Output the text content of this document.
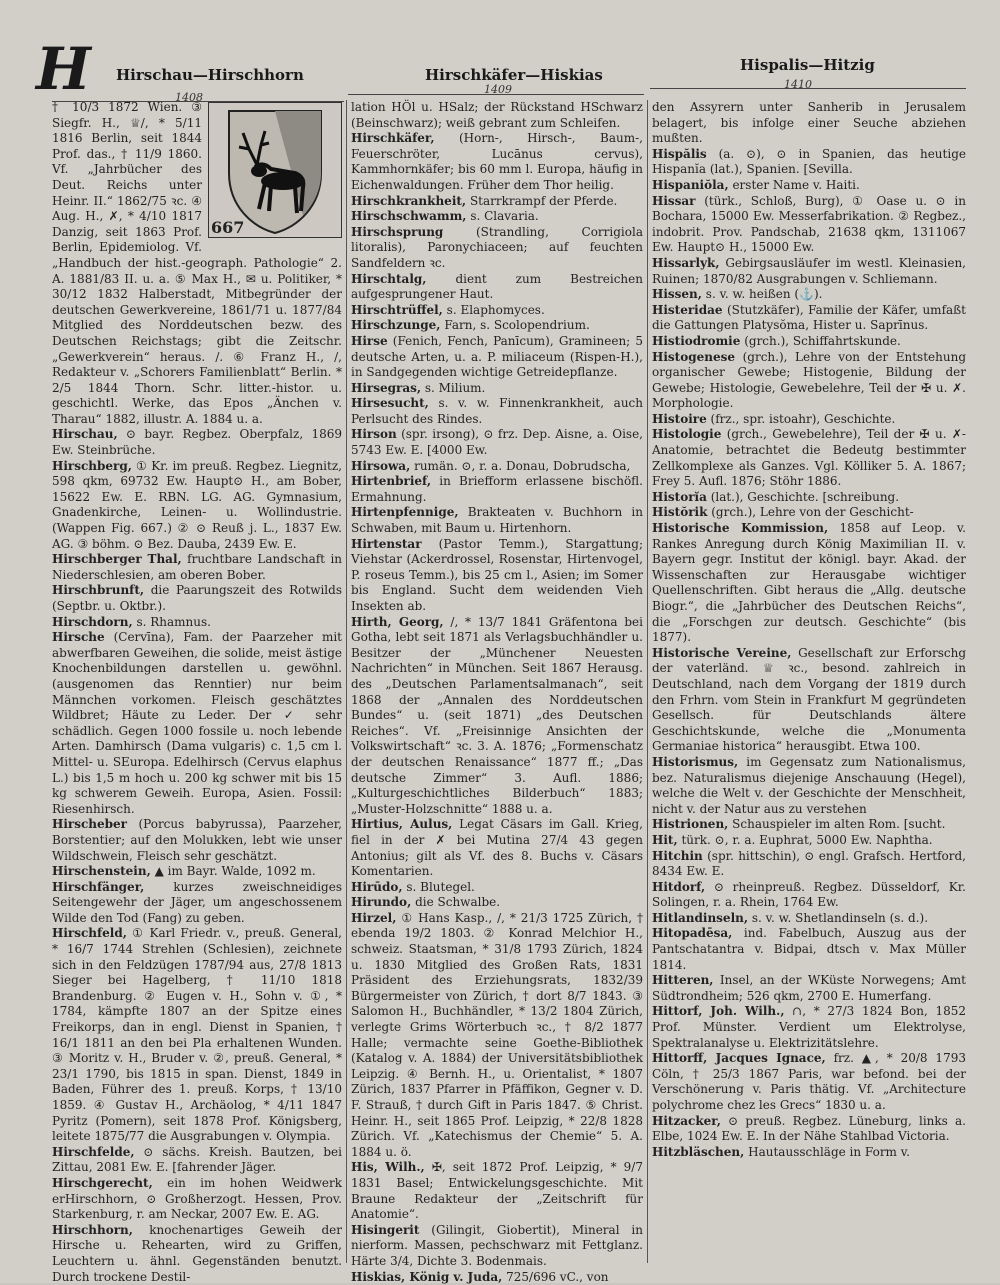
H Hirschau—Hirschhorn
1408
Hirschkäfer—Hiskias
1409
Hispalis—Hitzig
1410
667

† 10/3 1872 Wien. ③ Siegfr. H., ♕/, * 5/11 1816 Berlin, seit 1844 Prof. das., † 11/9 1860. Vf. „Jahrbücher des Deut. Reichs unter Heinr. II.“ 1862/75 ꝛc. ④ Aug. H., ✗, * 4/10 1817 Danzig, seit 1863 Prof. Berlin, Epidemiolog. Vf. „Handbuch der hist.-geograph. Pathologie“ 2. A. 1881/83 II. u. a. ⑤ Max H., ✉ u. Politiker, * 30/12 1832 Halberstadt, Mitbegründer der deutschen Gewerkvereine, 1861/71 u. 1877/84 Mitglied des Norddeutschen bezw. des Deutschen Reichstags; gibt die Zeitschr. „Gewerkverein“ heraus. /. ⑥ Franz H., /, Redakteur v. „Schorers Familienblatt“ Berlin. * 2/5 1844 Thorn. Schr. litter.-histor. u. geschichtl. Werke, das Epos „Änchen v. Tharau“ 1882, illustr. A. 1884 u. a.

Hirschau, ⊙ bayr. Regbez. Oberpfalz, 1869 Ew. Steinbrüche.

Hirschberg, ① Kr. im preuß. Regbez. Liegnitz, 598 qkm, 69732 Ew. Haupt⊙ H., am Bober, 15622 Ew. E. RBN. LG. AG. Gymnasium, Gnadenkirche, Leinen- u. Wollindustrie. (Wappen Fig. 667.) ② ⊙ Reuß j. L., 1837 Ew. AG. ③ böhm. ⊙ Bez. Dauba, 2439 Ew. E.

Hirschberger Thal, fruchtbare Landschaft in Niederschlesien, am oberen Bober.

Hirschbrunft, die Paarungszeit des Rotwilds (Septbr. u. Oktbr.).

Hirschdorn, s. Rhamnus.

Hirsche (Cervīna), Fam. der Paarzeher mit abwerfbaren Geweihen, die solide, meist ästige Knochenbildungen darstellen u. gewöhnl. (ausgenomen das Renntier) nur beim Männchen vorkomen. Fleisch geschätztes Wildbret; Häute zu Leder. Der ✓ sehr schädlich. Gegen 1000 fossile u. noch lebende Arten. Damhirsch (Dama vulgaris) c. 1,5 cm l. Mittel- u. SEuropa. Edelhirsch (Cervus elaphus L.) bis 1,5 m hoch u. 200 kg schwer mit bis 15 kg schwerem Geweih. Europa, Asien. Fossil: Riesenhirsch.

Hirscheber (Porcus babyrussa), Paarzeher, Borstentier; auf den Molukken, lebt wie unser Wildschwein, Fleisch sehr geschätzt.

Hirschenstein, ▲ im Bayr. Walde, 1092 m.

Hirschfänger, kurzes zweischneidiges Seitengewehr der Jäger, um angeschossenem Wilde den Tod (Fang) zu geben.

Hirschfeld, ① Karl Friedr. v., preuß. General, * 16/7 1744 Strehlen (Schlesien), zeichnete sich in den Feldzügen 1787/94 aus, 27/8 1813 Sieger bei Hagelberg, † 11/10 1818 Brandenburg. ② Eugen v. H., Sohn v. ①, * 1784, kämpfte 1807 an der Spitze eines Freikorps, dan in engl. Dienst in Spanien, † 16/1 1811 an den bei Pla erhaltenen Wunden. ③ Moritz v. H., Bruder v. ②, preuß. General, * 23/1 1790, bis 1815 in span. Dienst, 1849 in Baden, Führer des 1. preuß. Korps, † 13/10 1859. ④ Gustav H., Archäolog, * 4/11 1847 Pyritz (Pomern), seit 1878 Prof. Königsberg, leitete 1875/77 die Ausgrabungen v. Olympia.

Hirschfelde, ⊙ sächs. Kreish. Bautzen, bei Zittau, 2081 Ew. E. [fahrender Jäger.

Hirschgerecht, ein im hohen Weidwerk erHirschhorn, ⊙ Großherzogt. Hessen, Prov. Starkenburg, r. am Neckar, 2007 Ew. E. AG.

Hirschhorn, knochenartiges Geweih der Hirsche u. Rehearten, wird zu Griffen, Leuchtern u. ähnl. Gegenständen benutzt. Durch trockene Destil-

lation HÖl u. HSalz; der Rückstand HSchwarz (Beinschwarz); weiß gebrant zum Schleifen.

Hirschkäfer, (Horn-, Hirsch-, Baum-, Feuerschröter, Lucānus cervus), Kammhornkäfer; bis 60 mm l. Europa, häufig in Eichenwaldungen. Früher dem Thor heilig.

Hirschkrankheit, Starrkrampf der Pferde.

Hirschschwamm, s. Clavaria.

Hirschsprung	(Strandling, Corrigiola litoralis), Paronychiaceen; auf feuchten Sandfeldern ꝛc.

Hirschtalg, dient zum Bestreichen aufgesprungener Haut.

Hirschtrüffel, s. Elaphomyces.

Hirschzunge, Farn, s. Scolopendrium.

Hirse (Fenich, Fench, Panīcum), Gramineen; 5 deutsche Arten, u. a. P. miliaceum (Rispen-H.), in Sandgegenden wichtige Getreidepflanze.

Hirsegras, s. Milium.

Hirsesucht, s. v. w. Finnenkrankheit, auch Perlsucht des Rindes.

Hirson (spr. irsong), ⊙ frz. Dep. Aisne, a. Oise, 5743 Ew. E. [4000 Ew.

Hirsowa, rumän. ⊙, r. a. Donau, Dobrudscha,

Hirtenbrief, in Briefform erlassene bischöfl. Ermahnung.

Hirtenpfennige, Brakteaten v. Buchhorn in Schwaben, mit Baum u. Hirtenhorn.

Hirtenstar (Pastor Temm.), Stargattung; Viehstar (Ackerdrossel, Rosenstar, Hirtenvogel, P. roseus Temm.), bis 25 cm l., Asien; im Somer bis England. Sucht dem weidenden Vieh Insekten ab.

Hirth, Georg, /, * 13/7 1841 Gräfentona bei Gotha, lebt seit 1871 als Verlagsbuchhändler u. Besitzer der „Münchener Neuesten Nachrichten“ in München. Seit 1867 Herausg. des „Deutschen Parlamentsalmanach“, seit 1868 der „Annalen des Norddeutschen Bundes“ u. (seit 1871) „des Deutschen Reiches“. Vf. „Freisinnige Ansichten der Volkswirtschaft“ ꝛc. 3. A. 1876; „Formenschatz der deutschen Renaissance“ 1877 ff.; „Das deutsche Zimmer“ 3. Aufl. 1886; „Kulturgeschichtliches Bilderbuch“ 1883; „Muster-Holzschnitte“ 1888 u. a.

Hirtius, Aulus, Legat Cäsars im Gall. Krieg, fiel in der ✗ bei Mutina 27/4 43 gegen Antonius; gilt als Vf. des 8. Buchs v. Cäsars Komentarien.

Hirūdo, s. Blutegel.

Hirundo, die Schwalbe.

Hirzel, ① Hans Kasp., /, * 21/3 1725 Zürich, † ebenda 19/2 1803. ② Konrad Melchior H., schweiz. Staatsman, * 31/8 1793 Zürich, 1824 u. 1830 Mitglied des Großen Rats, 1831 Präsident des Erziehungsrats, 1832/39 Bürgermeister von Zürich, † dort 8/7 1843. ③ Salomon H., Buchhändler, * 13/2 1804 Zürich, verlegte Grims Wörterbuch ꝛc., † 8/2 1877 Halle; vermachte seine Goethe-Bibliothek (Katalog v. A. 1884) der Universitätsbibliothek Leipzig. ④ Bernh. H., u. Orientalist, * 1807 Zürich, 1837 Pfarrer in Pfäffikon, Gegner v. D. F. Strauß, † durch Gift in Paris 1847. ⑤ Christ. Heinr. H., seit 1865 Prof. Leipzig, * 22/8 1828 Zürich. Vf. „Katechismus der Chemie“ 5. A. 1884 u. ö.

His, Wilh., ✠, seit 1872 Prof. Leipzig, * 9/7 1831 Basel; Entwickelungsgeschichte. Mit Braune Redakteur der „Zeitschrift für Anatomie“.

Hisingerit (Gilingit, Giobertit), Mineral in nierform. Massen, pechschwarz mit Fettglanz. Härte 3/4, Dichte 3. Bodenmais.

Hiskias, König v. Juda, 725/696 vC., von

den Assyrern unter Sanherib in Jerusalem belagert, bis infolge einer Seuche abziehen mußten.

Hispălis (a. ⊙), ⊙ in Spanien, das heutige Hispanĭa (lat.), Spanien. [Sevilla.

Hispaniŏla, erster Name v. Haiti.

Hissar (türk., Schloß, Burg), ① Oase u. ⊙ in Bochara, 15000 Ew. Messerfabrikation. ② Regbez., indobrit. Prov. Pandschab, 21638 qkm, 1311067 Ew. Haupt⊙ H., 15000 Ew.

Hissarlyk, Gebirgsausläufer im westl. Kleinasien, Ruinen; 1870/82 Ausgrabungen v. Schliemann.

Hissen, s. v. w. heißen (⚓).

Histeridae (Stutzkäfer), Familie der Käfer, umfaßt die Gattungen Platysŏma, Hister u. Saprīnus.

Histiodromie (grch.), Schiffahrtskunde.

Histogenese (grch.), Lehre von der Entstehung organischer Gewebe; Histogenie, Bildung der Gewebe; Histologie, Gewebelehre, Teil der ✠ u. ✗. Morphologie.

Histoire (frz., spr. istoahr), Geschichte.

Histologie (grch., Gewebelehre), Teil der ✠ u. ✗-Anatomie, betrachtet die Bedeutg bestimmter Zellkomplexe als Ganzes. Vgl. Kölliker 5. A. 1867; Frey 5. Aufl. 1876; Stöhr 1886.

Historĭa (lat.), Geschichte. [schreibung.

Histŏrik (grch.), Lehre von der Geschicht-

Historische Kommission, 1858 auf Leop. v. Rankes Anregung durch König Maximilian II. v. Bayern gegr. Institut der königl. bayr. Akad. der Wissenschaften zur Herausgabe wichtiger Quellenschriften. Gibt heraus die „Allg. deutsche Biogr.“, die „Jahrbücher des Deutschen Reichs“, die „Forschgen zur deutsch. Geschichte“ (bis 1877).

Historische Vereine, Gesellschaft zur Erforschg der vaterländ. ♕ ꝛc., besond. zahlreich in Deutschland, nach dem Vorgang der 1819 durch den Frhrn. vom Stein in Frankfurt M gegründeten Gesellsch. für Deutschlands ältere Geschichtskunde, welche die „Monumenta Germaniae historica“ herausgibt. Etwa 100.

Historismus, im Gegensatz zum Nationalismus, bez. Naturalismus diejenige Anschauung (Hegel), welche die Welt v. der Geschichte der Menschheit, nicht v. der Natur aus zu verstehen

Histrionen, Schauspieler im alten Rom. [sucht.

Hit, türk. ⊙, r. a. Euphrat, 5000 Ew. Naphtha.

Hitchin (spr. hittschin), ⊙ engl. Grafsch. Hertford, 8434 Ew. E.

Hitdorf, ⊙ rheinpreuß. Regbez. Düsseldorf, Kr. Solingen, r. a. Rhein, 1764 Ew.

Hitlandinseln, s. v. w. Shetlandinseln (s. d.).

Hitopadēsa, ind. Fabelbuch, Auszug aus der Pantschatantra v. Bidpai, dtsch v. Max Müller 1814.

Hitteren, Insel, an der WKüste Norwegens; Amt Südtrondheim; 526 qkm, 2700 E. Humerfang.

Hittorf, Joh. Wilh., ∩, * 27/3 1824 Bon, 1852 Prof. Münster. Verdient um Elektrolyse, Spektralanalyse u. Elektrizitätslehre.

Hittorff, Jacques Ignace, frz. ▲, * 20/8 1793 Cöln, † 25/3 1867 Paris, war befond. bei der Verschönerung v. Paris thätig. Vf. „Architecture polychrome chez les Grecs“ 1830 u. a.

Hitzacker, ⊙ preuß. Regbez. Lüneburg, links a. Elbe, 1024 Ew. E. In der Nähe Stahlbad Victoria.

Hitzbläschen, Hautausschläge in Form v.
